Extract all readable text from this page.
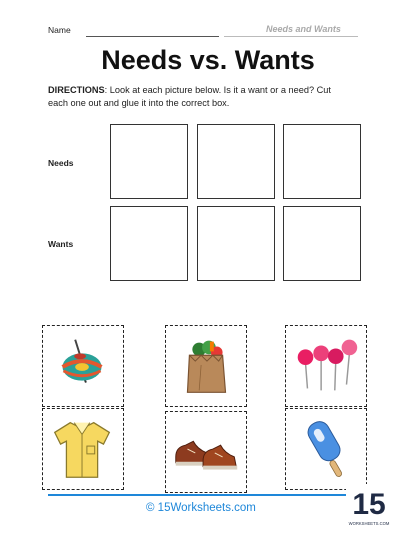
Name	Needs and Wants
Needs vs. Wants
DIRECTIONS: Look at each picture below. Is it a want or a need? Cut each one out and glue it into the correct box.
Needs
Wants
© 15Worksheets.com	15
WORKSHEETS.COM
